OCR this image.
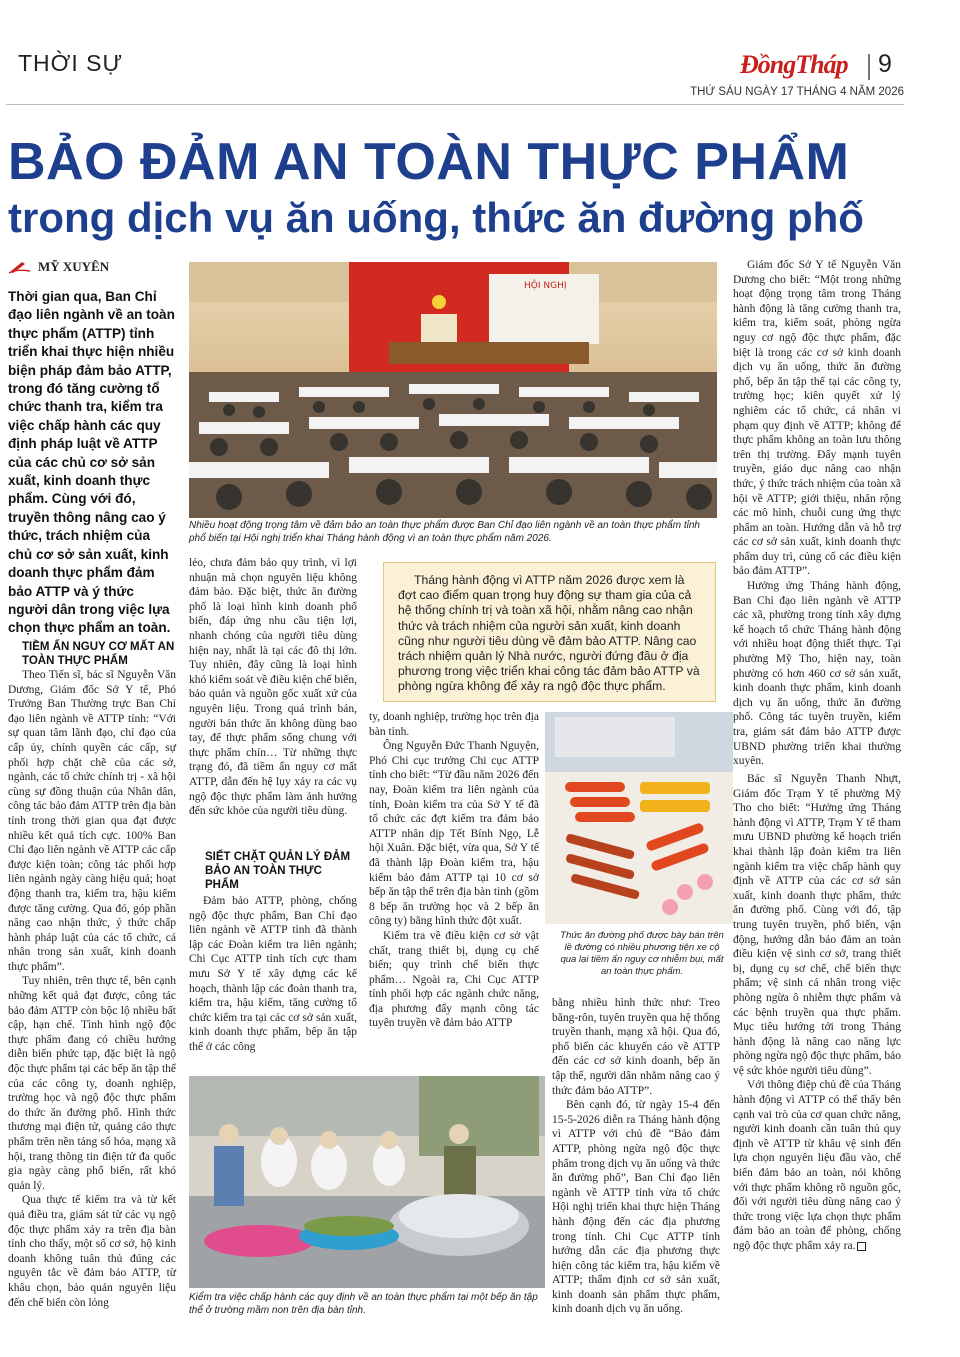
THỜI SỰ	ĐồngTháp 9
THỨ SÁU NGÀY 17 THÁNG 4 NĂM 2026
BẢO ĐẢM AN TOÀN THỰC PHẨM
trong dịch vụ ăn uống, thức ăn đường phố
MỸ XUYÊN
Thời gian qua, Ban Chỉ đạo liên ngành về an toàn thực phẩm (ATTP) tỉnh triển khai thực hiện nhiều biện pháp đảm bảo ATTP, trong đó tăng cường tổ chức thanh tra, kiểm tra việc chấp hành các quy định pháp luật về ATTP của các chủ cơ sở sản xuất, kinh doanh thực phẩm. Cùng với đó, truyền thông nâng cao ý thức, trách nhiệm của chủ cơ sở sản xuất, kinh doanh thực phẩm đảm bảo ATTP và ý thức người dân trong việc lựa chọn thực phẩm an toàn.
HỘI NGHỊ
Nhiều hoạt động trọng tâm về đảm bảo an toàn thực phẩm được Ban Chỉ đạo liên ngành về an toàn thực phẩm tỉnh phổ biến tại Hội nghị triển khai Tháng hành động vì an toàn thực phẩm năm 2026.
TIỀM ẨN NGUY CƠ MẤT AN TOÀN THỰC PHẨM

Theo Tiến sĩ, bác sĩ Nguyễn Văn Dương, Giám đốc Sở Y tế, Phó Trưởng Ban Thường trực Ban Chỉ đạo liên ngành về ATTP tỉnh: “Với sự quan tâm lãnh đạo, chỉ đạo của cấp ủy, chính quyền các cấp, sự phối hợp chặt chẽ của các sở, ngành, các tổ chức chính trị - xã hội cùng sự đồng thuận của Nhân dân, công tác bảo đảm ATTP trên địa bàn tỉnh trong thời gian qua đạt được nhiều kết quả tích cực. 100% Ban Chỉ đạo liên ngành về ATTP các cấp được kiện toàn; công tác phối hợp liên ngành ngày càng hiệu quả; hoạt động thanh tra, kiểm tra, hậu kiểm được tăng cường. Qua đó, góp phần nâng cao nhận thức, ý thức chấp hành pháp luật của các tổ chức, cá nhân trong sản xuất, kinh doanh thực phẩm”.

Tuy nhiên, trên thực tế, bên cạnh những kết quả đạt được, công tác bảo đảm ATTP còn bộc lộ nhiều bất cập, hạn chế. Tình hình ngộ độc thực phẩm đang có chiều hướng diễn biến phức tạp, đặc biệt là ngộ độc thực phẩm tại các bếp ăn tập thể của các công ty, doanh nghiệp, trường học và ngộ độc thực phẩm do thức ăn đường phố. Hình thức thương mại điện tử, quảng cáo thực phẩm trên nền tảng số hóa, mạng xã hội, trang thông tin điện tử đa quốc gia ngày càng phổ biến, rất khó quản lý.

Qua thực tế kiểm tra và từ kết quả điều tra, giám sát từ các vụ ngộ độc thực phẩm xảy ra trên địa bàn tỉnh cho thấy, một số cơ sở, hộ kinh doanh không tuân thủ đúng các nguyên tắc về đảm bảo ATTP, từ khâu chọn, bảo quản nguyên liệu đến chế biến còn lỏng

lẻo, chưa đảm bảo quy trình, vì lợi nhuận mà chọn nguyên liệu không đảm bảo. Đặc biệt, thức ăn đường phố là loại hình kinh doanh phổ biến, đáp ứng nhu cầu tiện lợi, nhanh chóng của người tiêu dùng hiện nay, nhất là tại các đô thị lớn. Tuy nhiên, đây cũng là loại hình khó kiểm soát về điều kiện chế biến, bảo quản và nguồn gốc xuất xứ của nguyên liệu. Trong quá trình bán, người bán thức ăn không dùng bao tay, để thực phẩm sống chung với thực phẩm chín… Từ những thực trạng đó, đã tiềm ẩn nguy cơ mất ATTP, dẫn đến hệ lụy xảy ra các vụ ngộ độc thực phẩm làm ảnh hưởng đến sức khỏe của người tiêu dùng.

SIẾT CHẶT QUẢN LÝ ĐẢM BẢO AN TOÀN THỰC PHẨM

Đảm bảo ATTP, phòng, chống ngộ độc thực phẩm, Ban Chỉ đạo liên ngành về ATTP tỉnh đã thành lập các Đoàn kiểm tra liên ngành; Chi Cục ATTP tỉnh tích cực tham mưu Sở Y tế xây dựng các kế hoạch, thành lập các đoàn thanh tra, kiểm tra, hậu kiểm, tăng cường tổ chức kiểm tra tại các cơ sở sản xuất, kinh doanh thực phẩm, bếp ăn tập thể ở các công

Tháng hành động vì ATTP năm 2026 được xem là đợt cao điểm quan trọng huy động sự tham gia của cả hệ thống chính trị và toàn xã hội, nhằm nâng cao nhận thức và trách nhiệm của người sản xuất, kinh doanh cũng như người tiêu dùng về đảm bảo ATTP. Nâng cao trách nhiệm quản lý Nhà nước, người đứng đầu ở địa phương trong việc triển khai công tác đảm bảo ATTP và phòng ngừa không để xảy ra ngộ độc thực phẩm.

ty, doanh nghiệp, trường học trên địa bàn tỉnh.

Ông Nguyễn Đức Thanh Nguyện, Phó Chi cục trưởng Chi cục ATTP tỉnh cho biết: “Từ đầu năm 2026 đến nay, Đoàn kiểm tra liên ngành của tỉnh, Đoàn kiểm tra của Sở Y tế đã tổ chức các đợt kiểm tra đảm bảo ATTP nhân dịp Tết Bính Ngọ, Lễ hội Xuân. Đặc biệt, vừa qua, Sở Y tế đã thành lập Đoàn kiểm tra, hậu kiểm bảo đảm ATTP tại 10 cơ sở bếp ăn tập thể trên địa bàn tỉnh (gồm 8 bếp ăn trường học và 2 bếp ăn công ty) bằng hình thức đột xuất.

Kiểm tra về điều kiện cơ sở vật chất, trang thiết bị, dụng cụ chế biến; quy trình chế biến thực phẩm… Ngoài ra, Chi Cục ATTP tỉnh phối hợp các ngành chức năng, địa phương đẩy mạnh công tác tuyên truyền về đảm bảo ATTP

Thức ăn đường phố được bày bán trên lề đường có nhiều phương tiện xe cộ qua lại tiềm ẩn nguy cơ nhiễm bụi, mất an toàn thực phẩm.

bằng nhiều hình thức như: Treo băng-rôn, tuyên truyền qua hệ thống truyền thanh, mạng xã hội. Qua đó, phổ biến các khuyến cáo về ATTP đến các cơ sở kinh doanh, bếp ăn tập thể, người dân nhằm nâng cao ý thức đảm bảo ATTP”.

Bên cạnh đó, từ ngày 15-4 đến 15-5-2026 diễn ra Tháng hành động vì ATTP với chủ đề “Bảo đảm ATTP, phòng ngừa ngộ độc thực phẩm trong dịch vụ ăn uống và thức ăn đường phố”, Ban Chỉ đạo liên ngành về ATTP tỉnh vừa tổ chức Hội nghị triển khai thực hiện Tháng hành động đến các địa phương trong tỉnh. Chi Cục ATTP tỉnh hướng dẫn các địa phương thực hiện công tác kiểm tra, hậu kiểm về ATTP; thẩm định cơ sở sản xuất, kinh doanh sản phẩm thực phẩm, kinh doanh dịch vụ ăn uống.

Kiểm tra việc chấp hành các quy định về an toàn thực phẩm tại một bếp ăn tập thể ở trường mầm non trên địa bàn tỉnh.

Giám đốc Sở Y tế Nguyễn Văn Dương cho biết: “Một trong những hoạt động trọng tâm trong Tháng hành động là tăng cường thanh tra, kiểm tra, kiểm soát, phòng ngừa nguy cơ ngộ độc thực phẩm, đặc biệt là trong các cơ sở kinh doanh dịch vụ ăn uống, thức ăn đường phố, bếp ăn tập thể tại các công ty, trường học; kiên quyết xử lý nghiêm các tổ chức, cá nhân vi phạm quy định về ATTP; không để thực phẩm không an toàn lưu thông trên thị trường. Đẩy mạnh tuyên truyền, giáo dục nâng cao nhận thức, ý thức trách nhiệm của toàn xã hội về ATTP; giới thiệu, nhân rộng các mô hình, chuỗi cung ứng thực phẩm an toàn. Hướng dẫn và hỗ trợ các cơ sở sản xuất, kinh doanh thực phẩm duy trì, củng cố các điều kiện bảo đảm ATTP”.

Hưởng ứng Tháng hành động, Ban Chỉ đạo liên ngành về ATTP các xã, phường trong tỉnh xây dựng kế hoạch tổ chức Tháng hành động với nhiều hoạt động thiết thực. Tại phường Mỹ Tho, hiện nay, toàn phường có hơn 460 cơ sở sản xuất, kinh doanh thực phẩm, kinh doanh dịch vụ ăn uống, thức ăn đường phố. Công tác tuyên truyền, kiểm tra, giám sát đảm bảo ATTP được UBND phường triển khai thường xuyên.

Bác sĩ Nguyễn Thanh Nhựt, Giám đốc Trạm Y tế phường Mỹ Tho cho biết: “Hưởng ứng Tháng hành động vì ATTP, Trạm Y tế tham mưu UBND phường kế hoạch triển khai thành lập đoàn kiểm tra liên ngành kiểm tra việc chấp hành quy định về ATTP của các cơ sở sản xuất, kinh doanh thực phẩm, thức ăn đường phố. Cùng với đó, tập trung tuyên truyền, phổ biến, vận động, hướng dẫn bảo đảm an toàn điều kiện vệ sinh cơ sở, trang thiết bị, dụng cụ sơ chế, chế biến thực phẩm; vệ sinh cá nhân trong việc phòng ngừa ô nhiễm thực phẩm và các bệnh truyền qua thực phẩm. Mục tiêu hướng tới trong Tháng hành động là nâng cao năng lực phòng ngừa ngộ độc thực phẩm, bảo vệ sức khỏe người tiêu dùng”.

Với thông điệp chủ đề của Tháng hành động vì ATTP có thể thấy bên cạnh vai trò của cơ quan chức năng, người kinh doanh cần tuân thủ quy định về ATTP từ khâu vệ sinh đến lựa chọn nguyên liệu đầu vào, chế biến đảm bảo an toàn, nói không với thực phẩm không rõ nguồn gốc, đối với người tiêu dùng nâng cao ý thức trong việc lựa chọn thực phẩm đảm bảo an toàn để phòng, chống ngộ độc thực phẩm xảy ra.
